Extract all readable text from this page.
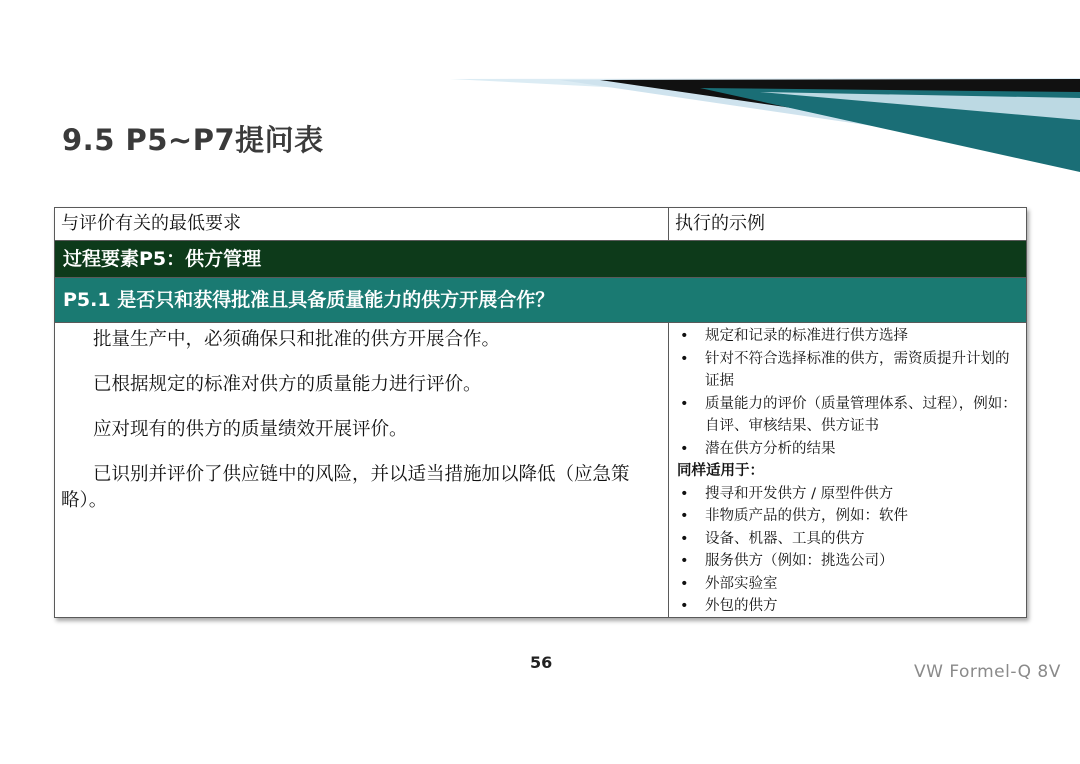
9.5 P5~P7提问表
与评价有关的最低要求	执行的示例
过程要素P5：供方管理
P5.1 是否只和获得批准且具备质量能力的供方开展合作？

批量生产中，必须确保只和批准的供方开展合作。

已根据规定的标准对供方的质量能力进行评价。

应对现有的供方的质量绩效开展评价。

已识别并评价了供应链中的风险，并以适当措施加以降低（应急策略）。

• 规定和记录的标准进行供方选择
• 针对不符合选择标准的供方，需资质提升计划的证据
• 质量能力的评价（质量管理体系、过程），例如：自评、审核结果、供方证书
• 潜在供方分析的结果
同样适用于：
• 搜寻和开发供方 / 原型件供方
• 非物质产品的供方，例如：软件
• 设备、机器、工具的供方
• 服务供方（例如：挑选公司）
• 外部实验室
• 外包的供方
56	VW Formel-Q 8V
